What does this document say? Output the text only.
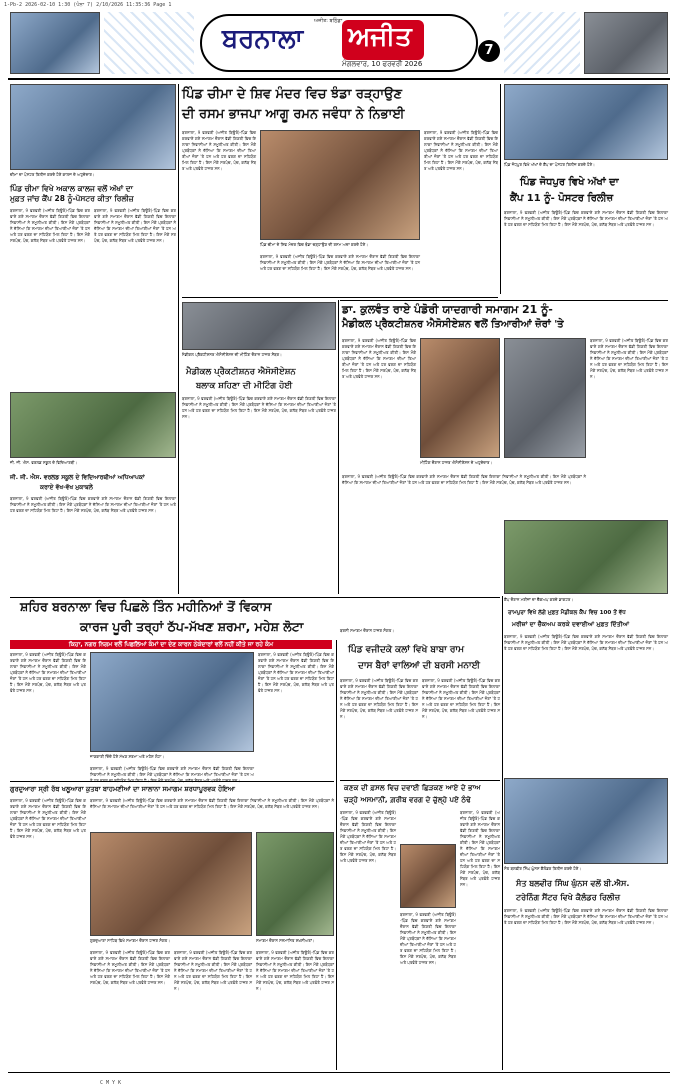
1-Pb-2 2026-02-10 1:30 (ਪੰਨਾ 7) 2/10/2026 11:35:36 Page 1
C M Y K
ਬਰਨਾਲਾ ਅਜੀਤ
ਅਜੀਤ: ਬਠਿੰਡਾ
ਮੰਗਲਵਾਰ, 10 ਫਰਵਰੀ 2026
7
ਚੀਮਾ ਦਾ ਪੋਸਟਰ ਰਿਲੀਜ਼ ਕਰਦੇ ਹੋਏ ਕਾਲਜ ਦੇ ਅਹੁਦੇਦਾਰ।
ਪਿੰਡ ਚੀਮਾ ਵਿਖੇ ਅਕਾਲ ਕਾਲਜ ਵਲੋਂ ਅੱਖਾਂ ਦਾ
ਮੁਫ਼ਤ ਜਾਂਚ ਕੈਂਪ 28 ਨੂੰ-ਪੋਸਟਰ ਕੀਤਾ ਰਿਲੀਜ਼
ਬਰਨਾਲਾ, 9 ਫਰਵਰੀ (ਅਜੀਤ ਬਿਊਰੋ)-ਪਿੰਡ ਵਿਚ ਕਰਵਾਏ ਗਏ ਸਮਾਗਮ ਦੌਰਾਨ ਵੱਡੀ ਗਿਣਤੀ ਵਿਚ ਇਲਾਕਾ ਨਿਵਾਸੀਆਂ ਨੇ ਸ਼ਮੂਲੀਅਤ ਕੀਤੀ। ਇਸ ਮੌਕੇ ਪ੍ਰਬੰਧਕਾਂ ਨੇ ਦੱਸਿਆ ਕਿ ਸਮਾਗਮ ਦੀਆਂ ਤਿਆਰੀਆਂ ਜ਼ੋਰਾਂ 'ਤੇ ਹਨ ਅਤੇ ਹਰ ਵਰਗ ਦਾ ਸਹਿਯੋਗ ਮਿਲ ਰਿਹਾ ਹੈ। ਇਸ ਮੌਕੇ ਸਰਪੰਚ, ਪੰਚ, ਕਲੱਬ ਮੈਂਬਰ ਅਤੇ ਪਤਵੰਤੇ ਹਾਜ਼ਰ ਸਨ।
ਬਰਨਾਲਾ, 9 ਫਰਵਰੀ (ਅਜੀਤ ਬਿਊਰੋ)-ਪਿੰਡ ਵਿਚ ਕਰਵਾਏ ਗਏ ਸਮਾਗਮ ਦੌਰਾਨ ਵੱਡੀ ਗਿਣਤੀ ਵਿਚ ਇਲਾਕਾ ਨਿਵਾਸੀਆਂ ਨੇ ਸ਼ਮੂਲੀਅਤ ਕੀਤੀ। ਇਸ ਮੌਕੇ ਪ੍ਰਬੰਧਕਾਂ ਨੇ ਦੱਸਿਆ ਕਿ ਸਮਾਗਮ ਦੀਆਂ ਤਿਆਰੀਆਂ ਜ਼ੋਰਾਂ 'ਤੇ ਹਨ ਅਤੇ ਹਰ ਵਰਗ ਦਾ ਸਹਿਯੋਗ ਮਿਲ ਰਿਹਾ ਹੈ। ਇਸ ਮੌਕੇ ਸਰਪੰਚ, ਪੰਚ, ਕਲੱਬ ਮੈਂਬਰ ਅਤੇ ਪਤਵੰਤੇ ਹਾਜ਼ਰ ਸਨ।
ਜੀ. ਜੀ. ਐਸ. ਵਰਲਡ ਸਕੂਲ ਦੇ ਵਿਦਿਆਰਥੀ।
ਜੀ. ਜੀ. ਐਸ. ਵਰਲਡ ਸਕੂਲ ਦੇ ਵਿਦਿਆਰਥੀਆਂ ਅਧਿਆਪਕਾਂ
ਕਰਾਏ ਵੱਖ-ਵੱਖ ਮੁਕਾਬਲੇ
ਬਰਨਾਲਾ, 9 ਫਰਵਰੀ (ਅਜੀਤ ਬਿਊਰੋ)-ਪਿੰਡ ਵਿਚ ਕਰਵਾਏ ਗਏ ਸਮਾਗਮ ਦੌਰਾਨ ਵੱਡੀ ਗਿਣਤੀ ਵਿਚ ਇਲਾਕਾ ਨਿਵਾਸੀਆਂ ਨੇ ਸ਼ਮੂਲੀਅਤ ਕੀਤੀ। ਇਸ ਮੌਕੇ ਪ੍ਰਬੰਧਕਾਂ ਨੇ ਦੱਸਿਆ ਕਿ ਸਮਾਗਮ ਦੀਆਂ ਤਿਆਰੀਆਂ ਜ਼ੋਰਾਂ 'ਤੇ ਹਨ ਅਤੇ ਹਰ ਵਰਗ ਦਾ ਸਹਿਯੋਗ ਮਿਲ ਰਿਹਾ ਹੈ। ਇਸ ਮੌਕੇ ਸਰਪੰਚ, ਪੰਚ, ਕਲੱਬ ਮੈਂਬਰ ਅਤੇ ਪਤਵੰਤੇ ਹਾਜ਼ਰ ਸਨ।
ਪਿੰਡ ਚੀਮਾ ਦੇ ਸ਼ਿਵ ਮੰਦਰ ਵਿਚ ਝੰਡਾ ਰੜ੍ਹਾਉਣ
ਦੀ ਰਸਮ ਭਾਜਪਾ ਆਗੂ ਰਮਨ ਜਵੰਧਾ ਨੇ ਨਿਭਾਈ
ਬਰਨਾਲਾ, 9 ਫਰਵਰੀ (ਅਜੀਤ ਬਿਊਰੋ)-ਪਿੰਡ ਵਿਚ ਕਰਵਾਏ ਗਏ ਸਮਾਗਮ ਦੌਰਾਨ ਵੱਡੀ ਗਿਣਤੀ ਵਿਚ ਇਲਾਕਾ ਨਿਵਾਸੀਆਂ ਨੇ ਸ਼ਮੂਲੀਅਤ ਕੀਤੀ। ਇਸ ਮੌਕੇ ਪ੍ਰਬੰਧਕਾਂ ਨੇ ਦੱਸਿਆ ਕਿ ਸਮਾਗਮ ਦੀਆਂ ਤਿਆਰੀਆਂ ਜ਼ੋਰਾਂ 'ਤੇ ਹਨ ਅਤੇ ਹਰ ਵਰਗ ਦਾ ਸਹਿਯੋਗ ਮਿਲ ਰਿਹਾ ਹੈ। ਇਸ ਮੌਕੇ ਸਰਪੰਚ, ਪੰਚ, ਕਲੱਬ ਮੈਂਬਰ ਅਤੇ ਪਤਵੰਤੇ ਹਾਜ਼ਰ ਸਨ।
ਬਰਨਾਲਾ, 9 ਫਰਵਰੀ (ਅਜੀਤ ਬਿਊਰੋ)-ਪਿੰਡ ਵਿਚ ਕਰਵਾਏ ਗਏ ਸਮਾਗਮ ਦੌਰਾਨ ਵੱਡੀ ਗਿਣਤੀ ਵਿਚ ਇਲਾਕਾ ਨਿਵਾਸੀਆਂ ਨੇ ਸ਼ਮੂਲੀਅਤ ਕੀਤੀ। ਇਸ ਮੌਕੇ ਪ੍ਰਬੰਧਕਾਂ ਨੇ ਦੱਸਿਆ ਕਿ ਸਮਾਗਮ ਦੀਆਂ ਤਿਆਰੀਆਂ ਜ਼ੋਰਾਂ 'ਤੇ ਹਨ ਅਤੇ ਹਰ ਵਰਗ ਦਾ ਸਹਿਯੋਗ ਮਿਲ ਰਿਹਾ ਹੈ। ਇਸ ਮੌਕੇ ਸਰਪੰਚ, ਪੰਚ, ਕਲੱਬ ਮੈਂਬਰ ਅਤੇ ਪਤਵੰਤੇ ਹਾਜ਼ਰ ਸਨ।
ਪਿੰਡ ਚੀਮਾ ਦੇ ਸ਼ਿਵ ਮੰਦਰ ਵਿਚ ਝੰਡਾ ਚੜ੍ਹਾਉਣ ਦੀ ਰਸਮ ਅਦਾ ਕਰਦੇ ਹੋਏ।
ਬਰਨਾਲਾ, 9 ਫਰਵਰੀ (ਅਜੀਤ ਬਿਊਰੋ)-ਪਿੰਡ ਵਿਚ ਕਰਵਾਏ ਗਏ ਸਮਾਗਮ ਦੌਰਾਨ ਵੱਡੀ ਗਿਣਤੀ ਵਿਚ ਇਲਾਕਾ ਨਿਵਾਸੀਆਂ ਨੇ ਸ਼ਮੂਲੀਅਤ ਕੀਤੀ। ਇਸ ਮੌਕੇ ਪ੍ਰਬੰਧਕਾਂ ਨੇ ਦੱਸਿਆ ਕਿ ਸਮਾਗਮ ਦੀਆਂ ਤਿਆਰੀਆਂ ਜ਼ੋਰਾਂ 'ਤੇ ਹਨ ਅਤੇ ਹਰ ਵਰਗ ਦਾ ਸਹਿਯੋਗ ਮਿਲ ਰਿਹਾ ਹੈ। ਇਸ ਮੌਕੇ ਸਰਪੰਚ, ਪੰਚ, ਕਲੱਬ ਮੈਂਬਰ ਅਤੇ ਪਤਵੰਤੇ ਹਾਜ਼ਰ ਸਨ।
ਪਿੰਡ ਜੋਧਪੁਰ ਵਿਖੇ ਅੱਖਾਂ ਦੇ ਕੈਂਪ ਦਾ ਪੋਸਟਰ ਰਿਲੀਜ਼ ਕਰਦੇ ਹੋਏ।
ਪਿੰਡ ਜੋਧਪੁਰ ਵਿਖੇ ਅੱਖਾਂ ਦਾ
ਕੈਂਪ 11 ਨੂੰ- ਪੋਸਟਰ ਰਿਲੀਜ਼
ਬਰਨਾਲਾ, 9 ਫਰਵਰੀ (ਅਜੀਤ ਬਿਊਰੋ)-ਪਿੰਡ ਵਿਚ ਕਰਵਾਏ ਗਏ ਸਮਾਗਮ ਦੌਰਾਨ ਵੱਡੀ ਗਿਣਤੀ ਵਿਚ ਇਲਾਕਾ ਨਿਵਾਸੀਆਂ ਨੇ ਸ਼ਮੂਲੀਅਤ ਕੀਤੀ। ਇਸ ਮੌਕੇ ਪ੍ਰਬੰਧਕਾਂ ਨੇ ਦੱਸਿਆ ਕਿ ਸਮਾਗਮ ਦੀਆਂ ਤਿਆਰੀਆਂ ਜ਼ੋਰਾਂ 'ਤੇ ਹਨ ਅਤੇ ਹਰ ਵਰਗ ਦਾ ਸਹਿਯੋਗ ਮਿਲ ਰਿਹਾ ਹੈ। ਇਸ ਮੌਕੇ ਸਰਪੰਚ, ਪੰਚ, ਕਲੱਬ ਮੈਂਬਰ ਅਤੇ ਪਤਵੰਤੇ ਹਾਜ਼ਰ ਸਨ।
ਡਾ. ਕੁਲਵੰਤ ਰਾਏ ਪੰਡੋਰੀ ਯਾਦਗਾਰੀ ਸਮਾਗਮ 21 ਨੂੰ-
ਮੈਡੀਕਲ ਪ੍ਰੈਕਟੀਸ਼ਨਰ ਐਸੋਸੀਏਸ਼ਨ ਵਲੋਂ ਤਿਆਰੀਆਂ ਜ਼ੋਰਾਂ 'ਤੇ
ਬਰਨਾਲਾ, 9 ਫਰਵਰੀ (ਅਜੀਤ ਬਿਊਰੋ)-ਪਿੰਡ ਵਿਚ ਕਰਵਾਏ ਗਏ ਸਮਾਗਮ ਦੌਰਾਨ ਵੱਡੀ ਗਿਣਤੀ ਵਿਚ ਇਲਾਕਾ ਨਿਵਾਸੀਆਂ ਨੇ ਸ਼ਮੂਲੀਅਤ ਕੀਤੀ। ਇਸ ਮੌਕੇ ਪ੍ਰਬੰਧਕਾਂ ਨੇ ਦੱਸਿਆ ਕਿ ਸਮਾਗਮ ਦੀਆਂ ਤਿਆਰੀਆਂ ਜ਼ੋਰਾਂ 'ਤੇ ਹਨ ਅਤੇ ਹਰ ਵਰਗ ਦਾ ਸਹਿਯੋਗ ਮਿਲ ਰਿਹਾ ਹੈ। ਇਸ ਮੌਕੇ ਸਰਪੰਚ, ਪੰਚ, ਕਲੱਬ ਮੈਂਬਰ ਅਤੇ ਪਤਵੰਤੇ ਹਾਜ਼ਰ ਸਨ।
ਬਰਨਾਲਾ, 9 ਫਰਵਰੀ (ਅਜੀਤ ਬਿਊਰੋ)-ਪਿੰਡ ਵਿਚ ਕਰਵਾਏ ਗਏ ਸਮਾਗਮ ਦੌਰਾਨ ਵੱਡੀ ਗਿਣਤੀ ਵਿਚ ਇਲਾਕਾ ਨਿਵਾਸੀਆਂ ਨੇ ਸ਼ਮੂਲੀਅਤ ਕੀਤੀ। ਇਸ ਮੌਕੇ ਪ੍ਰਬੰਧਕਾਂ ਨੇ ਦੱਸਿਆ ਕਿ ਸਮਾਗਮ ਦੀਆਂ ਤਿਆਰੀਆਂ ਜ਼ੋਰਾਂ 'ਤੇ ਹਨ ਅਤੇ ਹਰ ਵਰਗ ਦਾ ਸਹਿਯੋਗ ਮਿਲ ਰਿਹਾ ਹੈ। ਇਸ ਮੌਕੇ ਸਰਪੰਚ, ਪੰਚ, ਕਲੱਬ ਮੈਂਬਰ ਅਤੇ ਪਤਵੰਤੇ ਹਾਜ਼ਰ ਸਨ।
ਮੀਟਿੰਗ ਦੌਰਾਨ ਹਾਜ਼ਰ ਐਸੋਸੀਏਸ਼ਨ ਦੇ ਅਹੁਦੇਦਾਰ।
ਬਰਨਾਲਾ, 9 ਫਰਵਰੀ (ਅਜੀਤ ਬਿਊਰੋ)-ਪਿੰਡ ਵਿਚ ਕਰਵਾਏ ਗਏ ਸਮਾਗਮ ਦੌਰਾਨ ਵੱਡੀ ਗਿਣਤੀ ਵਿਚ ਇਲਾਕਾ ਨਿਵਾਸੀਆਂ ਨੇ ਸ਼ਮੂਲੀਅਤ ਕੀਤੀ। ਇਸ ਮੌਕੇ ਪ੍ਰਬੰਧਕਾਂ ਨੇ ਦੱਸਿਆ ਕਿ ਸਮਾਗਮ ਦੀਆਂ ਤਿਆਰੀਆਂ ਜ਼ੋਰਾਂ 'ਤੇ ਹਨ ਅਤੇ ਹਰ ਵਰਗ ਦਾ ਸਹਿਯੋਗ ਮਿਲ ਰਿਹਾ ਹੈ। ਇਸ ਮੌਕੇ ਸਰਪੰਚ, ਪੰਚ, ਕਲੱਬ ਮੈਂਬਰ ਅਤੇ ਪਤਵੰਤੇ ਹਾਜ਼ਰ ਸਨ।
ਮੈਡੀਕਲ ਪ੍ਰੈਕਟੀਸ਼ਨਰ ਐਸੋਸੀਏਸ਼ਨ ਦੀ ਮੀਟਿੰਗ ਦੌਰਾਨ ਹਾਜ਼ਰ ਮੈਂਬਰ।
ਮੈਡੀਕਲ ਪ੍ਰੈਕਟੀਸ਼ਨਰ ਐਸੋਸੀਏਸ਼ਨ
ਬਲਾਕ ਸ਼ਹਿਣਾ ਦੀ ਮੀਟਿੰਗ ਹੋਈ
ਬਰਨਾਲਾ, 9 ਫਰਵਰੀ (ਅਜੀਤ ਬਿਊਰੋ)-ਪਿੰਡ ਵਿਚ ਕਰਵਾਏ ਗਏ ਸਮਾਗਮ ਦੌਰਾਨ ਵੱਡੀ ਗਿਣਤੀ ਵਿਚ ਇਲਾਕਾ ਨਿਵਾਸੀਆਂ ਨੇ ਸ਼ਮੂਲੀਅਤ ਕੀਤੀ। ਇਸ ਮੌਕੇ ਪ੍ਰਬੰਧਕਾਂ ਨੇ ਦੱਸਿਆ ਕਿ ਸਮਾਗਮ ਦੀਆਂ ਤਿਆਰੀਆਂ ਜ਼ੋਰਾਂ 'ਤੇ ਹਨ ਅਤੇ ਹਰ ਵਰਗ ਦਾ ਸਹਿਯੋਗ ਮਿਲ ਰਿਹਾ ਹੈ। ਇਸ ਮੌਕੇ ਸਰਪੰਚ, ਪੰਚ, ਕਲੱਬ ਮੈਂਬਰ ਅਤੇ ਪਤਵੰਤੇ ਹਾਜ਼ਰ ਸਨ।
ਸ਼ਹਿਰ ਬਰਨਾਲਾ ਵਿਚ ਪਿਛਲੇ ਤਿੰਨ ਮਹੀਨਿਆਂ ਤੋਂ ਵਿਕਾਸ
ਕਾਰਜ ਪੂਰੀ ਤਰ੍ਹਾਂ ਠੱਪ-ਮੱਖਣ ਸ਼ਰਮਾ, ਮਹੇਸ਼ ਲੋਟਾ
ਕਿਹਾ, ਨਗਰ ਨਿਗਮ ਵਲੋਂ ਪਿਛਲਿਆਂ ਕੰਮਾਂ ਦਾ ਦੇਣ ਕਾਰਨ ਠੇਕੇਦਾਰਾਂ ਵਲੋਂ ਨਹੀਂ ਕੀਤੇ ਜਾ ਰਹੇ ਕੰਮ
ਬਰਨਾਲਾ, 9 ਫਰਵਰੀ (ਅਜੀਤ ਬਿਊਰੋ)-ਪਿੰਡ ਵਿਚ ਕਰਵਾਏ ਗਏ ਸਮਾਗਮ ਦੌਰਾਨ ਵੱਡੀ ਗਿਣਤੀ ਵਿਚ ਇਲਾਕਾ ਨਿਵਾਸੀਆਂ ਨੇ ਸ਼ਮੂਲੀਅਤ ਕੀਤੀ। ਇਸ ਮੌਕੇ ਪ੍ਰਬੰਧਕਾਂ ਨੇ ਦੱਸਿਆ ਕਿ ਸਮਾਗਮ ਦੀਆਂ ਤਿਆਰੀਆਂ ਜ਼ੋਰਾਂ 'ਤੇ ਹਨ ਅਤੇ ਹਰ ਵਰਗ ਦਾ ਸਹਿਯੋਗ ਮਿਲ ਰਿਹਾ ਹੈ। ਇਸ ਮੌਕੇ ਸਰਪੰਚ, ਪੰਚ, ਕਲੱਬ ਮੈਂਬਰ ਅਤੇ ਪਤਵੰਤੇ ਹਾਜ਼ਰ ਸਨ।
ਬਰਨਾਲਾ, 9 ਫਰਵਰੀ (ਅਜੀਤ ਬਿਊਰੋ)-ਪਿੰਡ ਵਿਚ ਕਰਵਾਏ ਗਏ ਸਮਾਗਮ ਦੌਰਾਨ ਵੱਡੀ ਗਿਣਤੀ ਵਿਚ ਇਲਾਕਾ ਨਿਵਾਸੀਆਂ ਨੇ ਸ਼ਮੂਲੀਅਤ ਕੀਤੀ। ਇਸ ਮੌਕੇ ਪ੍ਰਬੰਧਕਾਂ ਨੇ ਦੱਸਿਆ ਕਿ ਸਮਾਗਮ ਦੀਆਂ ਤਿਆਰੀਆਂ ਜ਼ੋਰਾਂ 'ਤੇ ਹਨ ਅਤੇ ਹਰ ਵਰਗ ਦਾ ਸਹਿਯੋਗ ਮਿਲ ਰਿਹਾ ਹੈ। ਇਸ ਮੌਕੇ ਸਰਪੰਚ, ਪੰਚ, ਕਲੱਬ ਮੈਂਬਰ ਅਤੇ ਪਤਵੰਤੇ ਹਾਜ਼ਰ ਸਨ।
ਜਾਣਕਾਰੀ ਦਿੰਦੇ ਹੋਏ ਮੱਖਣ ਸ਼ਰਮਾ ਅਤੇ ਮਹੇਸ਼ ਲੋਟਾ।
ਬਰਨਾਲਾ, 9 ਫਰਵਰੀ (ਅਜੀਤ ਬਿਊਰੋ)-ਪਿੰਡ ਵਿਚ ਕਰਵਾਏ ਗਏ ਸਮਾਗਮ ਦੌਰਾਨ ਵੱਡੀ ਗਿਣਤੀ ਵਿਚ ਇਲਾਕਾ ਨਿਵਾਸੀਆਂ ਨੇ ਸ਼ਮੂਲੀਅਤ ਕੀਤੀ। ਇਸ ਮੌਕੇ ਪ੍ਰਬੰਧਕਾਂ ਨੇ ਦੱਸਿਆ ਕਿ ਸਮਾਗਮ ਦੀਆਂ ਤਿਆਰੀਆਂ ਜ਼ੋਰਾਂ 'ਤੇ ਹਨ ਅ
ਬਰਸੀ ਸਮਾਗਮ ਦੌਰਾਨ ਹਾਜ਼ਰ ਸੰਗਤ।
ਪਿੰਡ ਵਜੀਦਕੇ ਕਲਾਂ ਵਿਖੇ ਬਾਬਾ ਰਾਮ
ਦਾਸ ਬੈਰਾਂ ਵਾਲਿਆਂ ਦੀ ਬਰਸੀ ਮਨਾਈ
ਬਰਨਾਲਾ, 9 ਫਰਵਰੀ (ਅਜੀਤ ਬਿਊਰੋ)-ਪਿੰਡ ਵਿਚ ਕਰਵਾਏ ਗਏ ਸਮਾਗਮ ਦੌਰਾਨ ਵੱਡੀ ਗਿਣਤੀ ਵਿਚ ਇਲਾਕਾ ਨਿਵਾਸੀਆਂ ਨੇ ਸ਼ਮੂਲੀਅਤ ਕੀਤੀ। ਇਸ ਮੌਕੇ ਪ੍ਰਬੰਧਕਾਂ ਨੇ ਦੱਸਿਆ ਕਿ ਸਮਾਗਮ ਦੀਆਂ ਤਿਆਰੀਆਂ ਜ਼ੋਰਾਂ 'ਤੇ ਹਨ ਅਤੇ ਹਰ ਵਰਗ ਦਾ ਸਹਿਯੋਗ ਮਿਲ ਰਿਹਾ ਹੈ। ਇਸ ਮੌਕੇ ਸਰਪੰਚ, ਪੰਚ, ਕਲੱਬ ਮੈਂਬਰ ਅਤੇ ਪਤਵੰਤੇ ਹਾਜ਼ਰ ਸਨ।
ਬਰਨਾਲਾ, 9 ਫਰਵਰੀ (ਅਜੀਤ ਬਿਊਰੋ)-ਪਿੰਡ ਵਿਚ ਕਰਵਾਏ ਗਏ ਸਮਾਗਮ ਦੌਰਾਨ ਵੱਡੀ ਗਿਣਤੀ ਵਿਚ ਇਲਾਕਾ ਨਿਵਾਸੀਆਂ ਨੇ ਸ਼ਮੂਲੀਅਤ ਕੀਤੀ। ਇਸ ਮੌਕੇ ਪ੍ਰਬੰਧਕਾਂ ਨੇ ਦੱਸਿਆ ਕਿ ਸਮਾਗਮ ਦੀਆਂ ਤਿਆਰੀਆਂ ਜ਼ੋਰਾਂ 'ਤੇ ਹਨ ਅਤੇ ਹਰ ਵਰਗ ਦਾ ਸਹਿਯੋਗ ਮਿਲ ਰਿਹਾ ਹੈ। ਇਸ ਮੌਕੇ ਸਰਪੰਚ, ਪੰਚ, ਕਲੱਬ ਮੈਂਬਰ ਅਤੇ ਪਤਵੰਤੇ ਹਾਜ਼ਰ ਸਨ।
ਕਣਕ ਦੀ ਫ਼ਸਲ ਵਿਚ ਦਵਾਈ ਛਿੜਕਣ ਆਏ ਦੇ ਭਾਅ
ਚੜ੍ਹੇ ਅਸਮਾਨੀਂ, ਗ਼ਰੀਬ ਵਰਗ ਦੇ ਚੁੱਲ੍ਹੇ ਪਏ ਠੰਢੇ
ਬਰਨਾਲਾ, 9 ਫਰਵਰੀ (ਅਜੀਤ ਬਿਊਰੋ)-ਪਿੰਡ ਵਿਚ ਕਰਵਾਏ ਗਏ ਸਮਾਗਮ ਦੌਰਾਨ ਵੱਡੀ ਗਿਣਤੀ ਵਿਚ ਇਲਾਕਾ ਨਿਵਾਸੀਆਂ ਨੇ ਸ਼ਮੂਲੀਅਤ ਕੀਤੀ। ਇਸ ਮੌਕੇ ਪ੍ਰਬੰਧਕਾਂ ਨੇ ਦੱਸਿਆ ਕਿ ਸਮਾਗਮ ਦੀਆਂ ਤਿਆਰੀਆਂ ਜ਼ੋਰਾਂ 'ਤੇ ਹਨ ਅਤੇ ਹਰ ਵਰਗ ਦਾ ਸਹਿਯੋਗ ਮਿਲ ਰਿਹਾ ਹੈ। ਇਸ ਮੌਕੇ ਸਰਪੰਚ, ਪੰਚ, ਕਲੱਬ ਮੈਂਬਰ ਅਤੇ ਪਤਵੰਤੇ ਹਾਜ਼ਰ ਸਨ।
ਬਰਨਾਲਾ, 9 ਫਰਵਰੀ (ਅਜੀਤ ਬਿਊਰੋ)-ਪਿੰਡ ਵਿਚ ਕਰਵਾਏ ਗਏ ਸਮਾਗਮ ਦੌਰਾਨ ਵੱਡੀ ਗਿਣਤੀ ਵਿਚ ਇਲਾਕਾ ਨਿਵਾਸੀਆਂ ਨੇ ਸ਼ਮੂਲੀਅਤ ਕੀਤੀ। ਇਸ ਮੌਕੇ ਪ੍ਰਬੰਧਕਾਂ ਨੇ ਦੱਸਿਆ ਕਿ ਸਮਾਗਮ ਦੀਆਂ ਤਿਆਰੀਆਂ ਜ਼ੋਰਾਂ 'ਤੇ ਹਨ ਅਤੇ ਹਰ ਵਰਗ ਦਾ ਸਹਿਯੋਗ ਮਿਲ ਰਿਹਾ ਹੈ। ਇਸ ਮੌਕੇ ਸਰਪੰਚ, ਪੰਚ, ਕਲੱਬ ਮੈਂਬਰ ਅਤੇ ਪਤਵੰਤੇ ਹਾਜ਼ਰ ਸਨ।
ਬਰਨਾਲਾ, 9 ਫਰਵਰੀ (ਅਜੀਤ ਬਿਊਰੋ)-ਪਿੰਡ ਵਿਚ ਕਰਵਾਏ ਗਏ ਸਮਾਗਮ ਦੌਰਾਨ ਵੱਡੀ ਗਿਣਤੀ ਵਿਚ ਇਲਾਕਾ ਨਿਵਾਸੀਆਂ ਨੇ ਸ਼ਮੂਲੀਅਤ ਕੀਤੀ। ਇਸ ਮੌਕੇ ਪ੍ਰਬੰਧਕਾਂ ਨੇ ਦੱਸਿਆ ਕਿ ਸਮਾਗਮ ਦੀਆਂ ਤਿਆਰੀਆਂ ਜ਼ੋਰਾਂ 'ਤੇ ਹਨ ਅਤੇ ਹਰ ਵਰਗ ਦਾ ਸਹਿਯੋਗ ਮਿਲ ਰਿਹਾ ਹੈ। ਇਸ ਮੌਕੇ ਸਰਪੰਚ, ਪੰਚ, ਕਲੱਬ ਮੈਂਬਰ ਅਤੇ ਪਤਵੰਤੇ ਹਾਜ਼ਰ ਸਨ।
ਕੈਂਪ ਦੌਰਾਨ ਮਰੀਜ਼ਾਂ ਦਾ ਚੈੱਕਅਪ ਕਰਦੇ ਡਾਕਟਰ।
ਰਾਮਪੁਰਾ ਵਿਖੇ ਲੱਗੇ ਮੁਫ਼ਤ ਮੈਡੀਕਲ ਕੈਂਪ ਵਿਚ 100 ਤੋਂ ਵੱਧ
ਮਰੀਜ਼ਾਂ ਦਾ ਚੈੱਕਅਪ ਕਰਕੇ ਦਵਾਈਆਂ ਮੁਫ਼ਤ ਦਿੱਤੀਆਂ
ਬਰਨਾਲਾ, 9 ਫਰਵਰੀ (ਅਜੀਤ ਬਿਊਰੋ)-ਪਿੰਡ ਵਿਚ ਕਰਵਾਏ ਗਏ ਸਮਾਗਮ ਦੌਰਾਨ ਵੱਡੀ ਗਿਣਤੀ ਵਿਚ ਇਲਾਕਾ ਨਿਵਾਸੀਆਂ ਨੇ ਸ਼ਮੂਲੀਅਤ ਕੀਤੀ। ਇਸ ਮੌਕੇ ਪ੍ਰਬੰਧਕਾਂ ਨੇ ਦੱਸਿਆ ਕਿ ਸਮਾਗਮ ਦੀਆਂ ਤਿਆਰੀਆਂ ਜ਼ੋਰਾਂ 'ਤੇ ਹਨ ਅਤੇ ਹਰ ਵਰਗ ਦਾ ਸਹਿਯੋਗ ਮਿਲ ਰਿਹਾ ਹੈ। ਇਸ ਮੌਕੇ ਸਰਪੰਚ, ਪੰਚ, ਕਲੱਬ ਮੈਂਬਰ ਅਤੇ ਪਤਵੰਤੇ ਹਾਜ਼ਰ ਸਨ।
ਸੰਤ ਬਲਵੀਰ ਸਿੰਘ ਘੁੰਨਸ ਕੈਲੰਡਰ ਰਿਲੀਜ਼ ਕਰਦੇ ਹੋਏ।
ਸੰਤ ਬਲਵੀਰ ਸਿੰਘ ਘੁੰਨਸ ਵਲੋਂ ਬੀ.ਐਸ.
ਟਰੇਨਿੰਗ ਸੈਂਟਰ ਵਿਖੇ ਕੈਲੰਡਰ ਰਿਲੀਜ਼
ਬਰਨਾਲਾ, 9 ਫਰਵਰੀ (ਅਜੀਤ ਬਿਊਰੋ)-ਪਿੰਡ ਵਿਚ ਕਰਵਾਏ ਗਏ ਸਮਾਗਮ ਦੌਰਾਨ ਵੱਡੀ ਗਿਣਤੀ ਵਿਚ ਇਲਾਕਾ ਨਿਵਾਸੀਆਂ ਨੇ ਸ਼ਮੂਲੀਅਤ ਕੀਤੀ। ਇਸ ਮੌਕੇ ਪ੍ਰਬੰਧਕਾਂ ਨੇ ਦੱਸਿਆ ਕਿ ਸਮਾਗਮ ਦੀਆਂ ਤਿਆਰੀਆਂ ਜ਼ੋਰਾਂ 'ਤੇ ਹਨ ਅਤੇ ਹਰ ਵਰਗ ਦਾ ਸਹਿਯੋਗ ਮਿਲ ਰਿਹਾ ਹੈ। ਇਸ ਮੌਕੇ ਸਰਪੰਚ, ਪੰਚ, ਕਲੱਬ ਮੈਂਬਰ ਅਤੇ ਪਤਵੰਤੇ ਹਾਜ਼ਰ ਸਨ।
ਗੁਰਦੁਆਰਾ ਸ੍ਰੀ ਰੱਥ ਖਲੂਆਰਾ ਕੁਤਬਾ ਬਾਹਮਣੀਆਂ ਦਾ ਸਾਲਾਨਾ ਸਮਾਗਮ ਸ਼ਰਧਾਪੂਰਵਕ ਹੋਇਆ
ਬਰਨਾਲਾ, 9 ਫਰਵਰੀ (ਅਜੀਤ ਬਿਊਰੋ)-ਪਿੰਡ ਵਿਚ ਕਰਵਾਏ ਗਏ ਸਮਾਗਮ ਦੌਰਾਨ ਵੱਡੀ ਗਿਣਤੀ ਵਿਚ ਇਲਾਕਾ ਨਿਵਾਸੀਆਂ ਨੇ ਸ਼ਮੂਲੀਅਤ ਕੀਤੀ। ਇਸ ਮੌਕੇ ਪ੍ਰਬੰਧਕਾਂ ਨੇ ਦੱਸਿਆ ਕਿ ਸਮਾਗਮ ਦੀਆਂ ਤਿਆਰੀਆਂ ਜ਼ੋਰਾਂ 'ਤੇ ਹਨ ਅਤੇ ਹਰ ਵਰਗ ਦਾ ਸਹਿਯੋਗ ਮਿਲ ਰਿਹਾ ਹੈ। ਇਸ ਮੌਕੇ ਸਰਪੰਚ, ਪੰਚ, ਕਲੱਬ ਮੈਂਬਰ ਅਤੇ ਪਤਵੰਤੇ ਹਾਜ਼ਰ ਸਨ।
ਬਰਨਾਲਾ, 9 ਫਰਵਰੀ (ਅਜੀਤ ਬਿਊਰੋ)-ਪਿੰਡ ਵਿਚ ਕਰਵਾਏ ਗਏ ਸਮਾਗਮ ਦੌਰਾਨ ਵੱਡੀ ਗਿਣਤੀ ਵਿਚ ਇਲਾਕਾ ਨਿਵਾਸੀਆਂ ਨੇ ਸ਼ਮੂਲੀਅਤ ਕੀਤੀ। ਇਸ ਮੌਕੇ ਪ੍ਰਬੰਧਕਾਂ ਨੇ ਦੱਸਿਆ ਕਿ ਸਮਾਗਮ ਦੀਆਂ ਤਿਆਰੀਆਂ ਜ਼ੋਰਾਂ 'ਤੇ ਹਨ ਅਤੇ ਹਰ ਵਰਗ ਦਾ ਸਹਿਯੋਗ ਮਿਲ ਰਿਹਾ ਹੈ। ਇਸ ਮੌਕੇ ਸਰਪੰਚ, ਪੰਚ, ਕਲੱਬ ਮੈਂਬਰ ਅਤੇ ਪਤਵੰਤੇ ਹਾਜ਼ਰ ਸਨ।
ਗੁਰਦੁਆਰਾ ਸਾਹਿਬ ਵਿਖੇ ਸਮਾਗਮ ਦੌਰਾਨ ਹਾਜ਼ਰ ਸੰਗਤ।	ਸਮਾਗਮ ਦੌਰਾਨ ਸਨਮਾਨਿਤ ਸ਼ਖ਼ਸੀਅਤਾਂ।
ਬਰਨਾਲਾ, 9 ਫਰਵਰੀ (ਅਜੀਤ ਬਿਊਰੋ)-ਪਿੰਡ ਵਿਚ ਕਰਵਾਏ ਗਏ ਸਮਾਗਮ ਦੌਰਾਨ ਵੱਡੀ ਗਿਣਤੀ ਵਿਚ ਇਲਾਕਾ ਨਿਵਾਸੀਆਂ ਨੇ ਸ਼ਮੂਲੀਅਤ ਕੀਤੀ। ਇਸ ਮੌਕੇ ਪ੍ਰਬੰਧਕਾਂ ਨੇ ਦੱਸਿਆ ਕਿ ਸਮਾਗਮ ਦੀਆਂ ਤਿਆਰੀਆਂ ਜ਼ੋਰਾਂ 'ਤੇ ਹਨ ਅਤੇ ਹਰ ਵਰਗ ਦਾ ਸਹਿਯੋਗ ਮਿਲ ਰਿਹਾ ਹੈ। ਇਸ ਮੌਕੇ ਸਰਪੰਚ, ਪੰਚ, ਕਲੱਬ ਮੈਂਬਰ ਅਤੇ ਪਤਵੰਤੇ ਹਾਜ਼ਰ ਸਨ।
ਬਰਨਾਲਾ, 9 ਫਰਵਰੀ (ਅਜੀਤ ਬਿਊਰੋ)-ਪਿੰਡ ਵਿਚ ਕਰਵਾਏ ਗਏ ਸਮਾਗਮ ਦੌਰਾਨ ਵੱਡੀ ਗਿਣਤੀ ਵਿਚ ਇਲਾਕਾ ਨਿਵਾਸੀਆਂ ਨੇ ਸ਼ਮੂਲੀਅਤ ਕੀਤੀ। ਇਸ ਮੌਕੇ ਪ੍ਰਬੰਧਕਾਂ ਨੇ ਦੱਸਿਆ ਕਿ ਸਮਾਗਮ ਦੀਆਂ ਤਿਆਰੀਆਂ ਜ਼ੋਰਾਂ 'ਤੇ ਹਨ ਅਤੇ ਹਰ ਵਰਗ ਦਾ ਸਹਿਯੋਗ ਮਿਲ ਰਿਹਾ ਹੈ। ਇਸ ਮੌਕੇ ਸਰਪੰਚ, ਪੰਚ, ਕਲੱਬ ਮੈਂਬਰ ਅਤੇ ਪਤਵੰਤੇ ਹਾਜ਼ਰ ਸਨ।
ਬਰਨਾਲਾ, 9 ਫਰਵਰੀ (ਅਜੀਤ ਬਿਊਰੋ)-ਪਿੰਡ ਵਿਚ ਕਰਵਾਏ ਗਏ ਸਮਾਗਮ ਦੌਰਾਨ ਵੱਡੀ ਗਿਣਤੀ ਵਿਚ ਇਲਾਕਾ ਨਿਵਾਸੀਆਂ ਨੇ ਸ਼ਮੂਲੀਅਤ ਕੀਤੀ। ਇਸ ਮੌਕੇ ਪ੍ਰਬੰਧਕਾਂ ਨੇ ਦੱਸਿਆ ਕਿ ਸਮਾਗਮ ਦੀਆਂ ਤਿਆਰੀਆਂ ਜ਼ੋਰਾਂ 'ਤੇ ਹਨ ਅਤੇ ਹਰ ਵਰਗ ਦਾ ਸਹਿਯੋਗ ਮਿਲ ਰਿਹਾ ਹੈ। ਇਸ ਮੌਕੇ ਸਰਪੰਚ, ਪੰਚ, ਕਲੱਬ ਮੈਂਬਰ ਅਤੇ ਪਤਵੰਤੇ ਹਾਜ਼ਰ ਸਨ।
